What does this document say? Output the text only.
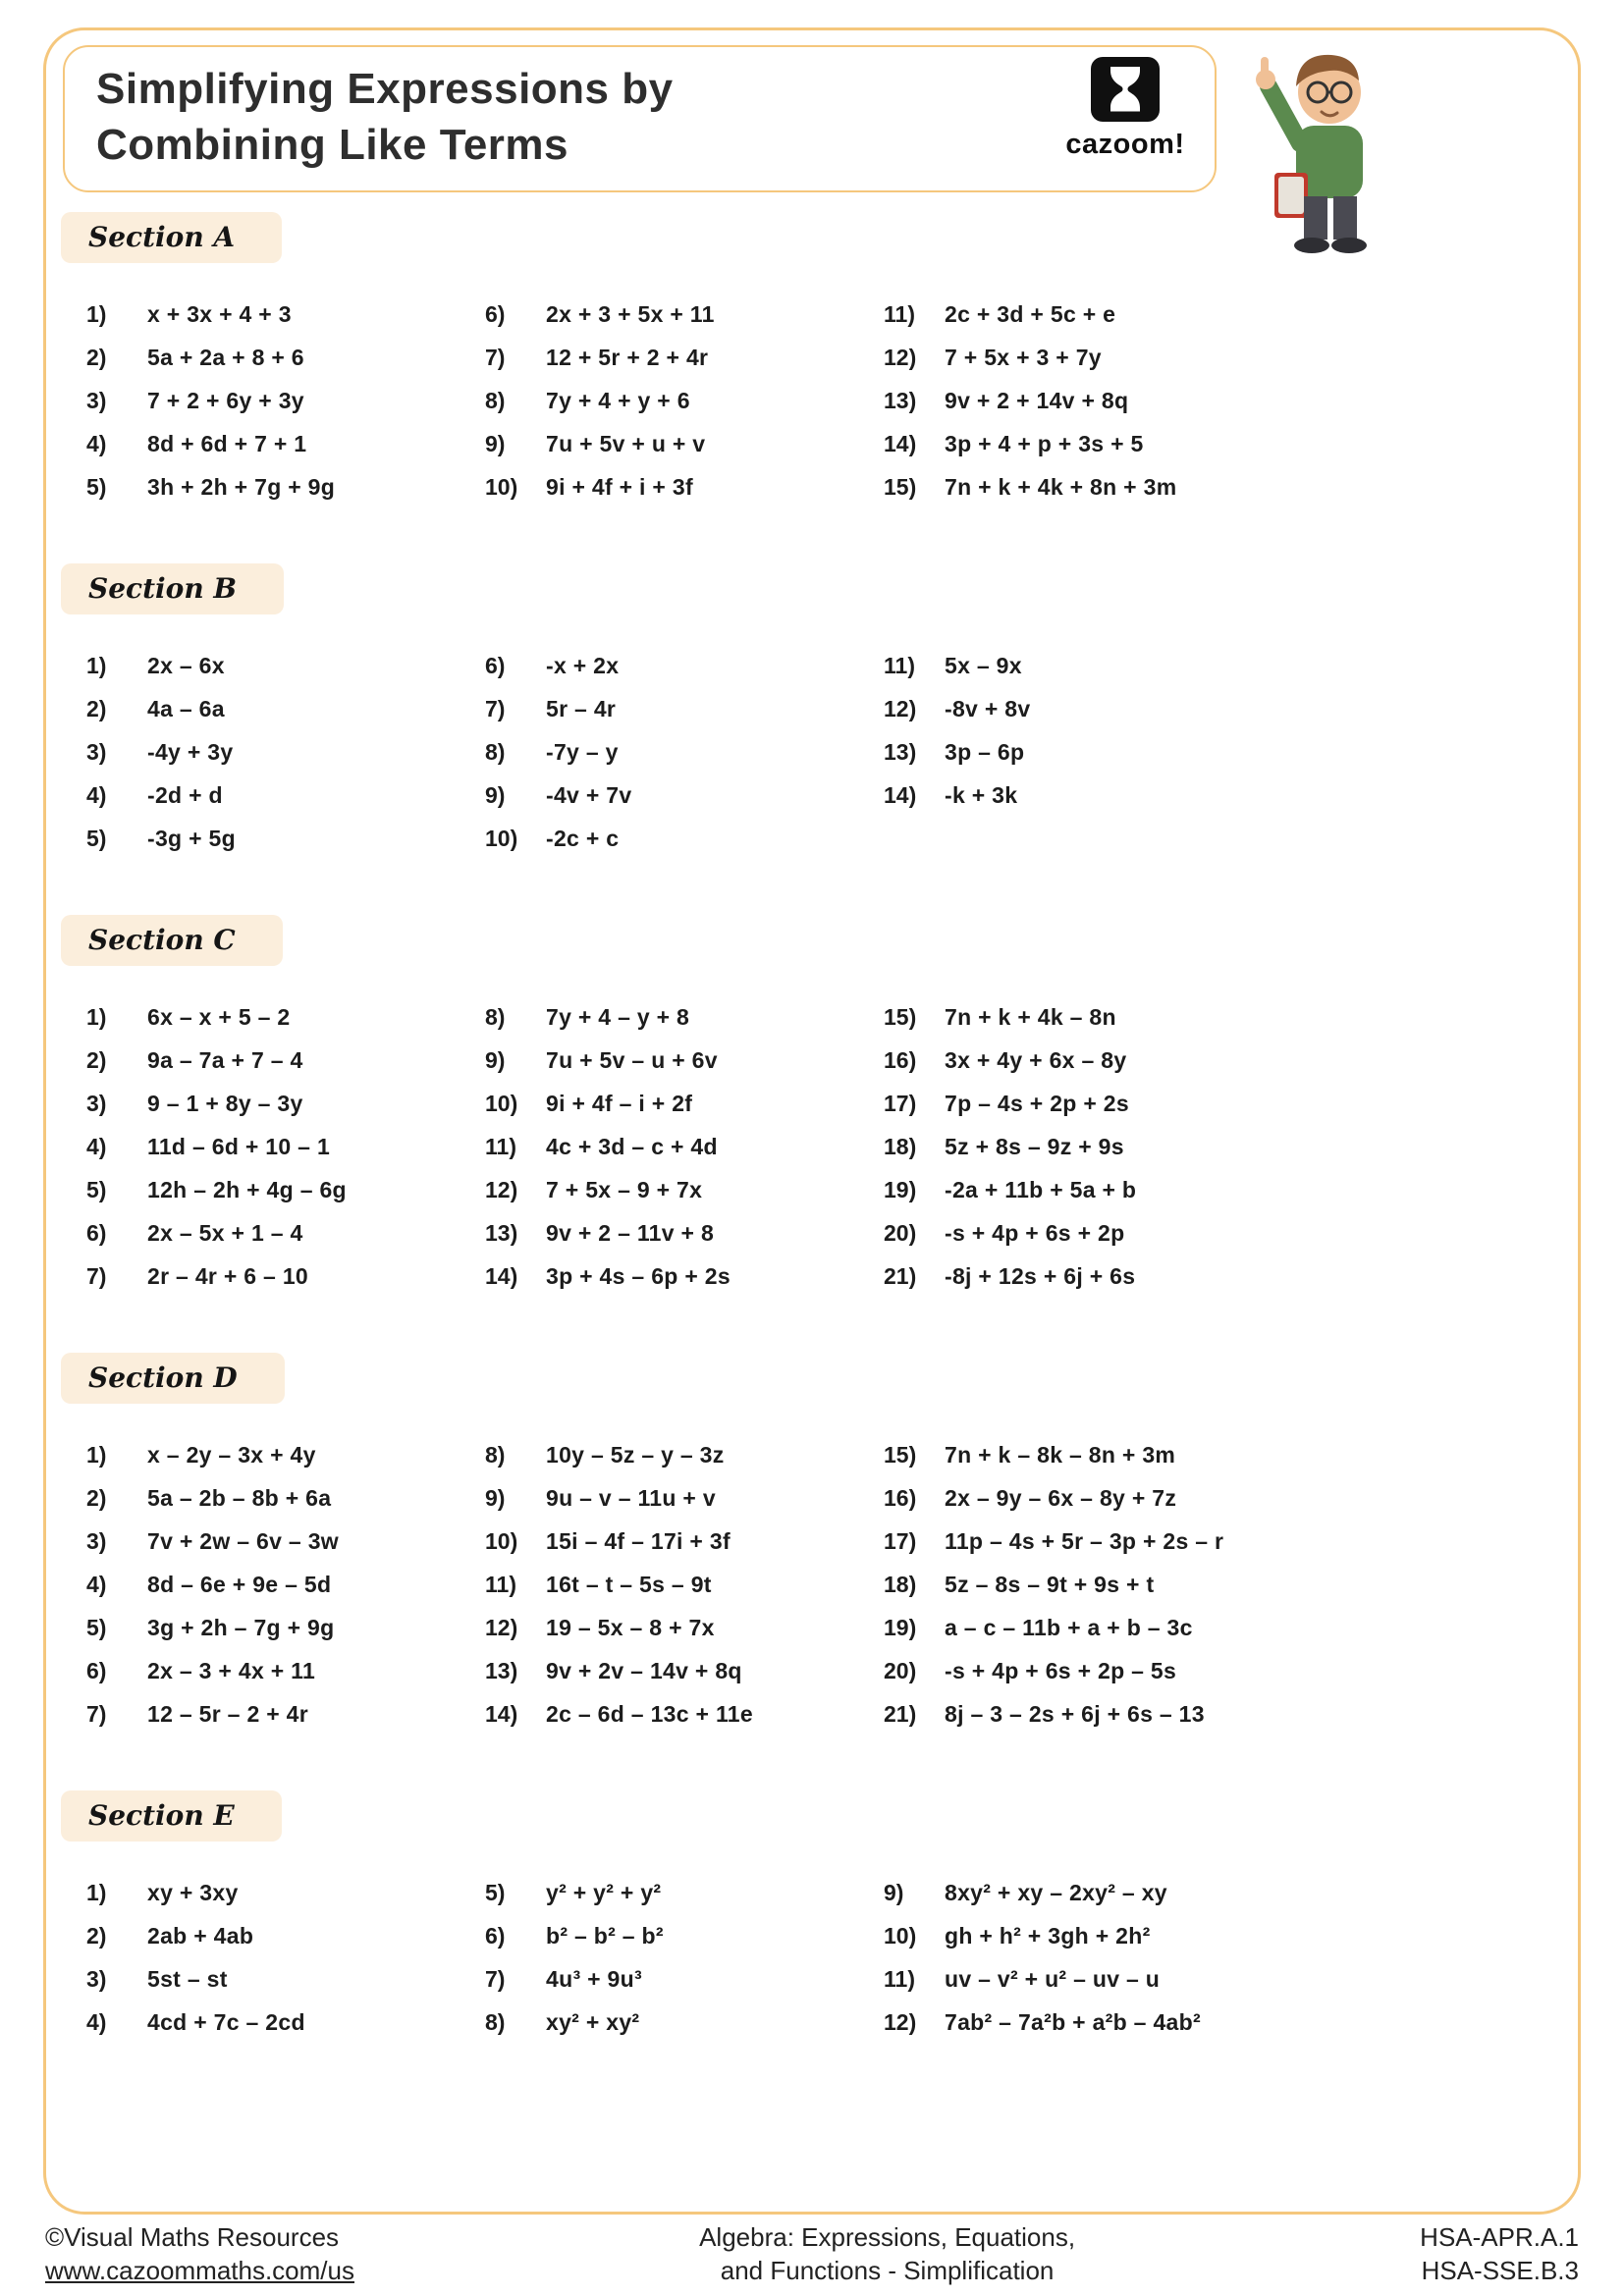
Simplifying Expressions by
Combining Like Terms	cazoom!
Section A
1)	x + 3x + 4 + 3
2)	5a + 2a + 8 + 6
3)	7 + 2 + 6y + 3y
4)	8d + 6d + 7 + 1
5)	3h + 2h + 7g + 9g
6)	2x + 3 + 5x + 11
7)	12 + 5r + 2 + 4r
8)	7y + 4 + y + 6
9)	7u + 5v + u + v
10)	9i + 4f + i + 3f
11)	2c + 3d + 5c + e
12)	7 + 5x + 3 + 7y
13)	9v + 2 + 14v + 8q
14)	3p + 4 + p + 3s + 5
15)	7n + k + 4k + 8n + 3m
Section B
1)	2x – 6x
2)	4a – 6a
3)	-4y + 3y
4)	-2d + d
5)	-3g + 5g
6)	-x + 2x
7)	5r – 4r
8)	-7y – y
9)	-4v + 7v
10)	-2c + c
11)	5x – 9x
12)	-8v + 8v
13)	3p – 6p
14)	-k + 3k
Section C
1)	6x – x + 5 – 2
2)	9a – 7a + 7 – 4
3)	9 – 1 + 8y – 3y
4)	11d – 6d + 10 – 1
5)	12h – 2h + 4g – 6g
6)	2x – 5x + 1 – 4
7)	2r – 4r + 6 – 10
8)	7y + 4 – y + 8
9)	7u + 5v – u + 6v
10)	9i + 4f – i + 2f
11)	4c + 3d – c + 4d
12)	7 + 5x – 9 + 7x
13)	9v + 2 – 11v + 8
14)	3p + 4s – 6p + 2s
15)	7n + k + 4k – 8n
16)	3x + 4y + 6x – 8y
17)	7p – 4s + 2p + 2s
18)	5z + 8s – 9z + 9s
19)	-2a + 11b + 5a + b
20)	-s + 4p + 6s + 2p
21)	-8j + 12s + 6j + 6s
Section D
1)	x – 2y – 3x + 4y
2)	5a – 2b – 8b + 6a
3)	7v + 2w – 6v – 3w
4)	8d – 6e + 9e – 5d
5)	3g + 2h – 7g + 9g
6)	2x – 3 + 4x + 11
7)	12 – 5r – 2 + 4r
8)	10y – 5z – y – 3z
9)	9u – v – 11u + v
10)	15i – 4f – 17i + 3f
11)	16t – t – 5s – 9t
12)	19 – 5x – 8 + 7x
13)	9v + 2v – 14v + 8q
14)	2c – 6d – 13c + 11e
15)	7n + k – 8k – 8n + 3m
16)	2x – 9y – 6x – 8y + 7z
17)	11p – 4s + 5r – 3p + 2s – r
18)	5z – 8s – 9t + 9s + t
19)	a – c – 11b + a + b – 3c
20)	-s + 4p + 6s + 2p – 5s
21)	8j – 3 – 2s + 6j + 6s – 13
Section E
1)	xy + 3xy
2)	2ab + 4ab
3)	5st – st
4)	4cd + 7c – 2cd
5)	y² + y² + y²
6)	b² – b² – b²
7)	4u³ + 9u³
8)	xy² + xy²
9)	8xy² + xy – 2xy² – xy
10)	gh + h² + 3gh + 2h²
11)	uv – v² + u² – uv – u
12)	7ab² – 7a²b + a²b – 4ab²
©Visual Maths Resources
www.cazoommaths.com/us
Algebra: Expressions, Equations,
and Functions - Simplification
HSA-APR.A.1
HSA-SSE.B.3
